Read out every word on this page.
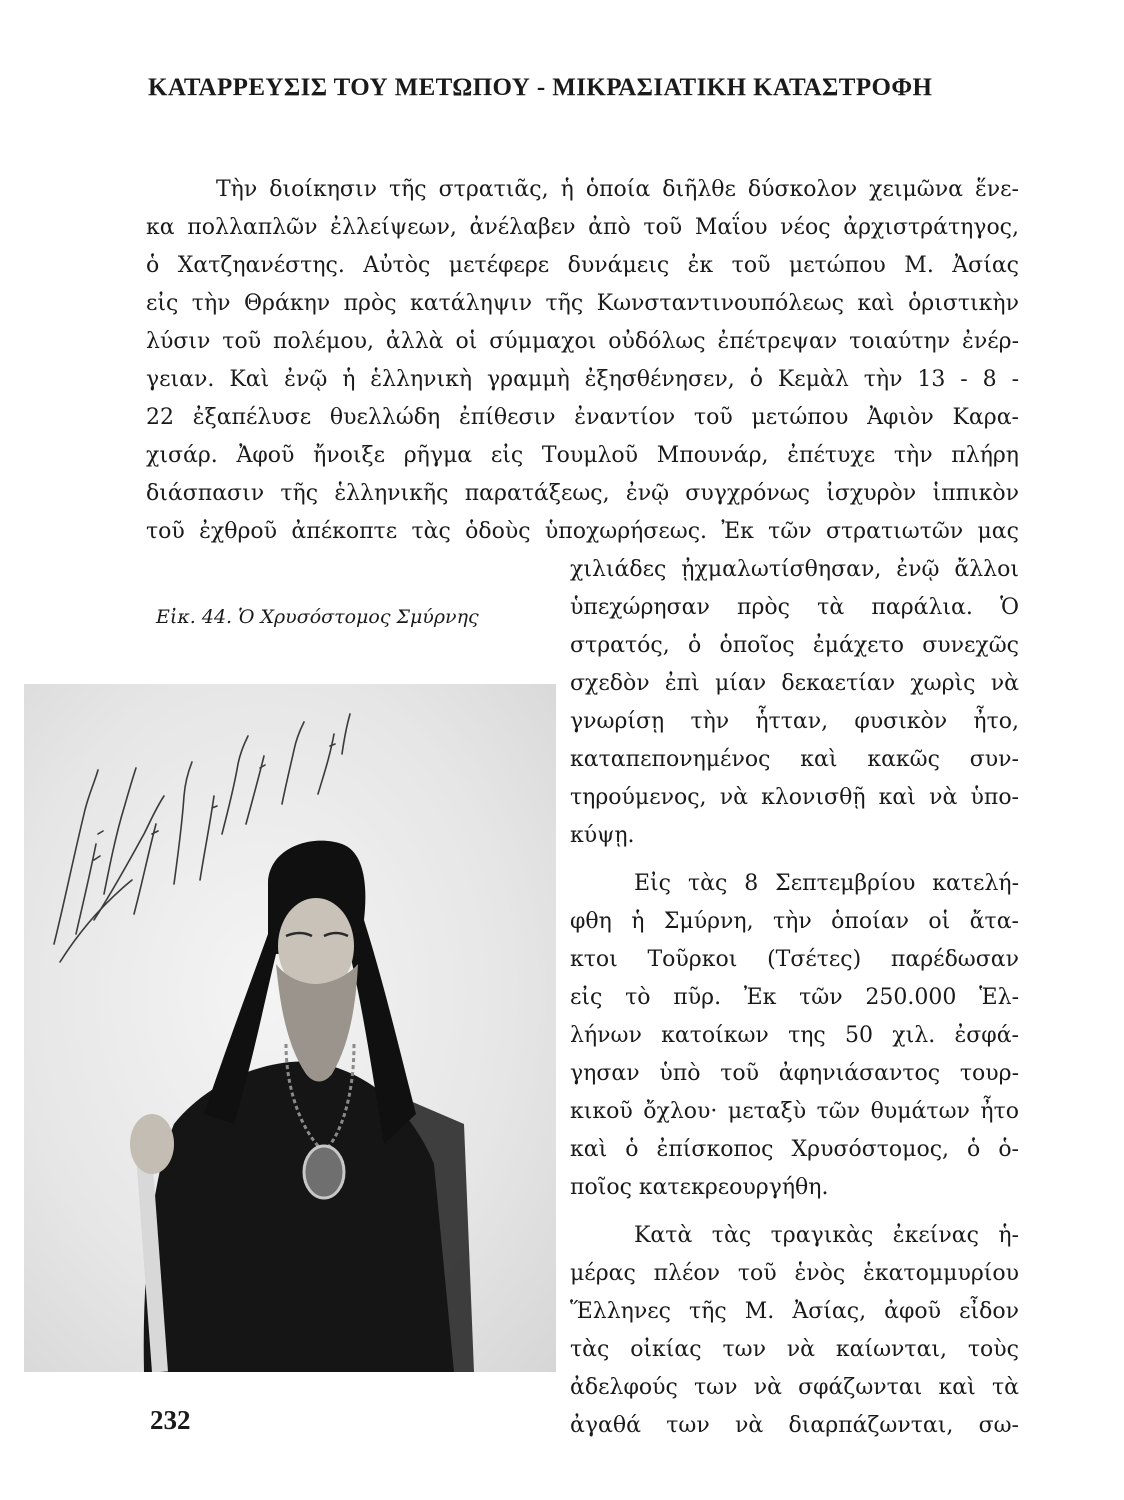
ΚΑΤΑΡΡΕΥΣΙΣ ΤΟΥ ΜΕΤΩΠΟΥ - ΜΙΚΡΑΣΙΑΤΙΚΗ ΚΑΤΑΣΤΡΟΦΗ
Τὴν διοίκησιν τῆς στρατιᾶς, ἡ ὁποία διῆλθε δύσκολον χειμῶνα ἕνε-
κα πολλαπλῶν ἐλλείψεων, ἀνέλαβεν ἀπὸ τοῦ Μαΐου νέος ἀρχιστράτηγος,
ὁ Χατζηανέστης. Αὐτὸς μετέφερε δυνάμεις ἐκ τοῦ μετώπου Μ. Ἀσίας
εἰς τὴν Θράκην πρὸς κατάληψιν τῆς Κωνσταντινουπόλεως καὶ ὁριστικὴν
λύσιν τοῦ πολέμου, ἀλλὰ οἱ σύμμαχοι οὐδόλως ἐπέτρεψαν τοιαύτην ἐνέρ-
γειαν. Καὶ ἐνῷ ἡ ἑλληνικὴ γραμμὴ ἐξησθένησεν, ὁ Κεμὰλ τὴν 13 - 8 -
22 ἐξαπέλυσε θυελλώδη ἐπίθεσιν ἐναντίον τοῦ μετώπου Ἀφιὸν Καρα-
χισάρ. Ἀφοῦ ἤνοιξε ρῆγμα εἰς Τουμλοῦ Μπουνάρ, ἐπέτυχε τὴν πλήρη
διάσπασιν τῆς ἑλληνικῆς παρατάξεως, ἐνῷ συγχρόνως ἰσχυρὸν ἱππικὸν
τοῦ ἐχθροῦ ἀπέκοπτε τὰς ὁδοὺς ὑποχωρήσεως. Ἐκ τῶν στρατιωτῶν μας
χιλιάδες ᾐχμαλωτίσθησαν, ἐνῷ ἄλλοι
ὑπεχώρησαν πρὸς τὰ παράλια. Ὁ
στρατός, ὁ ὁποῖος ἐμάχετο συνεχῶς
σχεδὸν ἐπὶ μίαν δεκαετίαν χωρὶς νὰ
γνωρίσῃ τὴν ἧτταν, φυσικὸν ἦτο,
καταπεπονημένος καὶ κακῶς συν-
τηρούμενος, νὰ κλονισθῇ καὶ νὰ ὑπο-
κύψῃ.
Εἰς τὰς 8 Σεπτεμβρίου κατελή-
φθη ἡ Σμύρνη, τὴν ὁποίαν οἱ ἄτα-
κτοι Τοῦρκοι (Τσέτες) παρέδωσαν
εἰς τὸ πῦρ. Ἐκ τῶν 250.000 Ἑλ-
λήνων κατοίκων της 50 χιλ. ἐσφά-
γησαν ὑπὸ τοῦ ἀφηνιάσαντος τουρ-
κικοῦ ὄχλου· μεταξὺ τῶν θυμάτων ἦτο
καὶ ὁ ἐπίσκοπος Χρυσόστομος, ὁ ὁ-
ποῖος κατεκρεουργήθη.
Κατὰ τὰς τραγικὰς ἐκείνας ἡ-
μέρας πλέον τοῦ ἑνὸς ἑκατομμυρίου
Ἕλληνες τῆς Μ. Ἀσίας, ἀφοῦ εἶδον
τὰς οἰκίας των νὰ καίωνται, τοὺς
ἀδελφούς των νὰ σφάζωνται καὶ τὰ
ἀγαθά των νὰ διαρπάζωνται, σω-
Εἰκ. 44. Ὁ Χρυσόστομος Σμύρνης
232
